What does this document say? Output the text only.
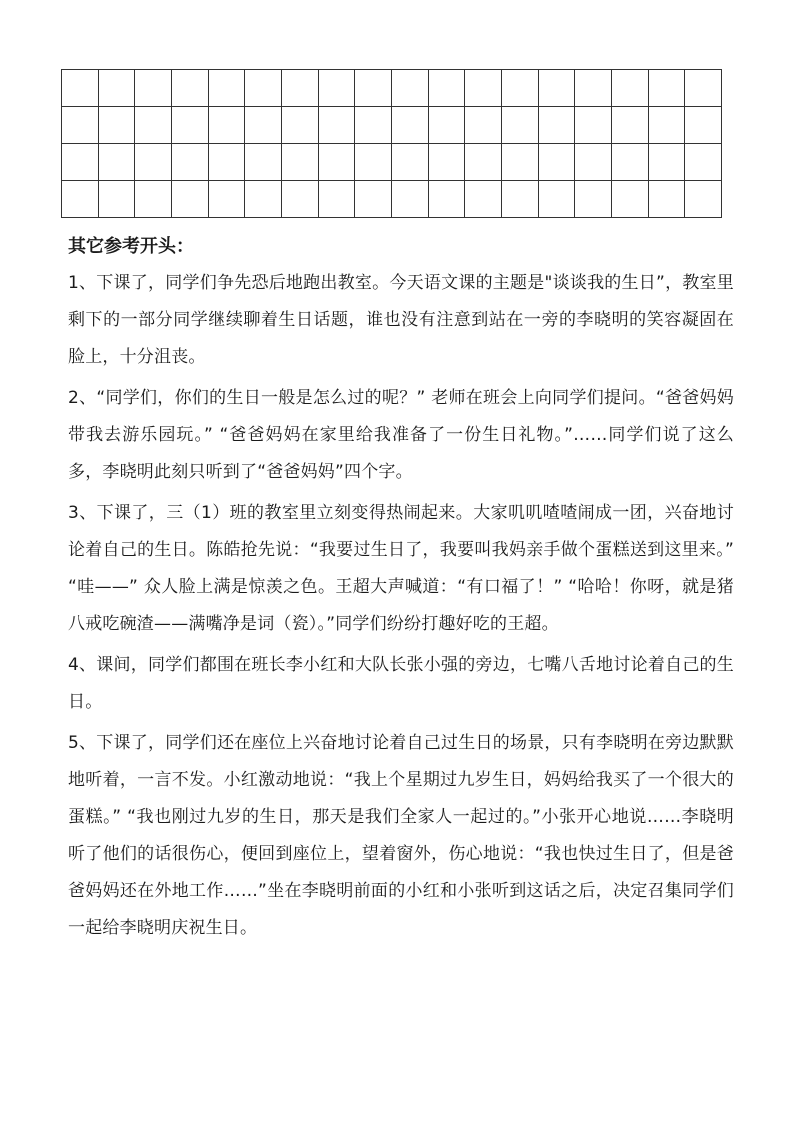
其它参考开头：

1、下课了，同学们争先恐后地跑出教室。今天语文课的主题是"谈谈我的生日”，教室里剩下的一部分同学继续聊着生日话题，谁也没有注意到站在一旁的李晓明的笑容凝固在脸上，十分沮丧。

2、“同学们，你们的生日一般是怎么过的呢？” 老师在班会上向同学们提问。“爸爸妈妈带我去游乐园玩。” “爸爸妈妈在家里给我准备了一份生日礼物。”……同学们说了这么多，李晓明此刻只听到了“爸爸妈妈”四个字。

3、下课了，三（1）班的教室里立刻变得热闹起来。大家叽叽喳喳闹成一团，兴奋地讨论着自己的生日。陈皓抢先说：“我要过生日了，我要叫我妈亲手做个蛋糕送到这里来。” “哇——” 众人脸上满是惊羡之色。王超大声喊道：“有口福了！” “哈哈！你呀，就是猪八戒吃碗渣——满嘴净是词（瓷）。”同学们纷纷打趣好吃的王超。

4、课间，同学们都围在班长李小红和大队长张小强的旁边，七嘴八舌地讨论着自己的生日。

5、下课了，同学们还在座位上兴奋地讨论着自己过生日的场景，只有李晓明在旁边默默地听着，一言不发。小红激动地说：“我上个星期过九岁生日，妈妈给我买了一个很大的蛋糕。” “我也刚过九岁的生日，那天是我们全家人一起过的。”小张开心地说……李晓明听了他们的话很伤心，便回到座位上，望着窗外，伤心地说：“我也快过生日了，但是爸爸妈妈还在外地工作……”坐在李晓明前面的小红和小张听到这话之后，决定召集同学们一起给李晓明庆祝生日。
